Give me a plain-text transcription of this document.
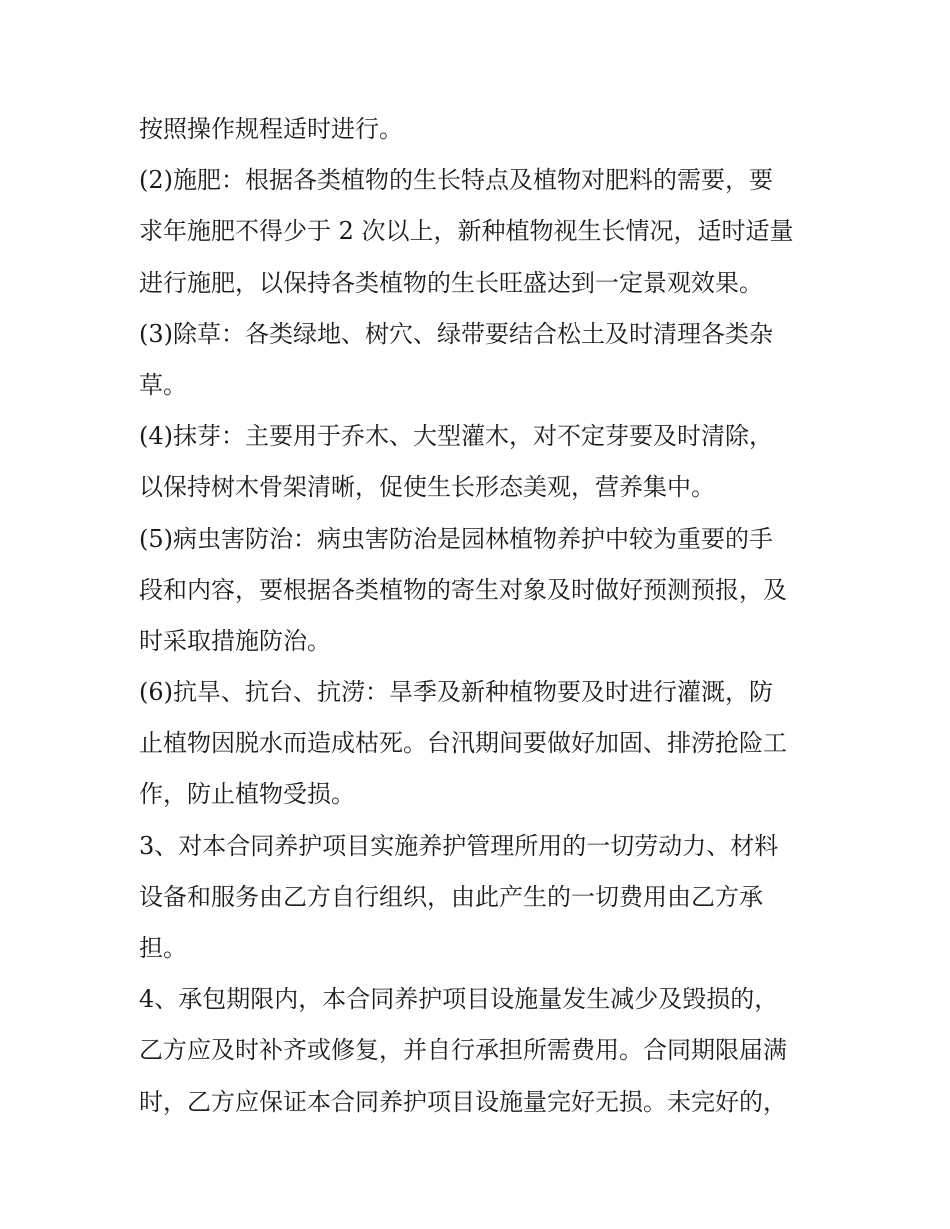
按照操作规程适时进行。
(2)施肥：根据各类植物的生长特点及植物对肥料的需要，要
求年施肥不得少于 2 次以上，新种植物视生长情况，适时适量
进行施肥，以保持各类植物的生长旺盛达到一定景观效果。
(3)除草：各类绿地、树穴、绿带要结合松土及时清理各类杂
草。
(4)抹芽：主要用于乔木、大型灌木，对不定芽要及时清除，
以保持树木骨架清晰，促使生长形态美观，营养集中。
(5)病虫害防治：病虫害防治是园林植物养护中较为重要的手
段和内容，要根据各类植物的寄生对象及时做好预测预报，及
时采取措施防治。
(6)抗旱、抗台、抗涝：旱季及新种植物要及时进行灌溉，防
止植物因脱水而造成枯死。台汛期间要做好加固、排涝抢险工
作，防止植物受损。
3、对本合同养护项目实施养护管理所用的一切劳动力、材料
设备和服务由乙方自行组织，由此产生的一切费用由乙方承
担。
4、承包期限内，本合同养护项目设施量发生减少及毁损的，
乙方应及时补齐或修复，并自行承担所需费用。合同期限届满
时，乙方应保证本合同养护项目设施量完好无损。未完好的，
